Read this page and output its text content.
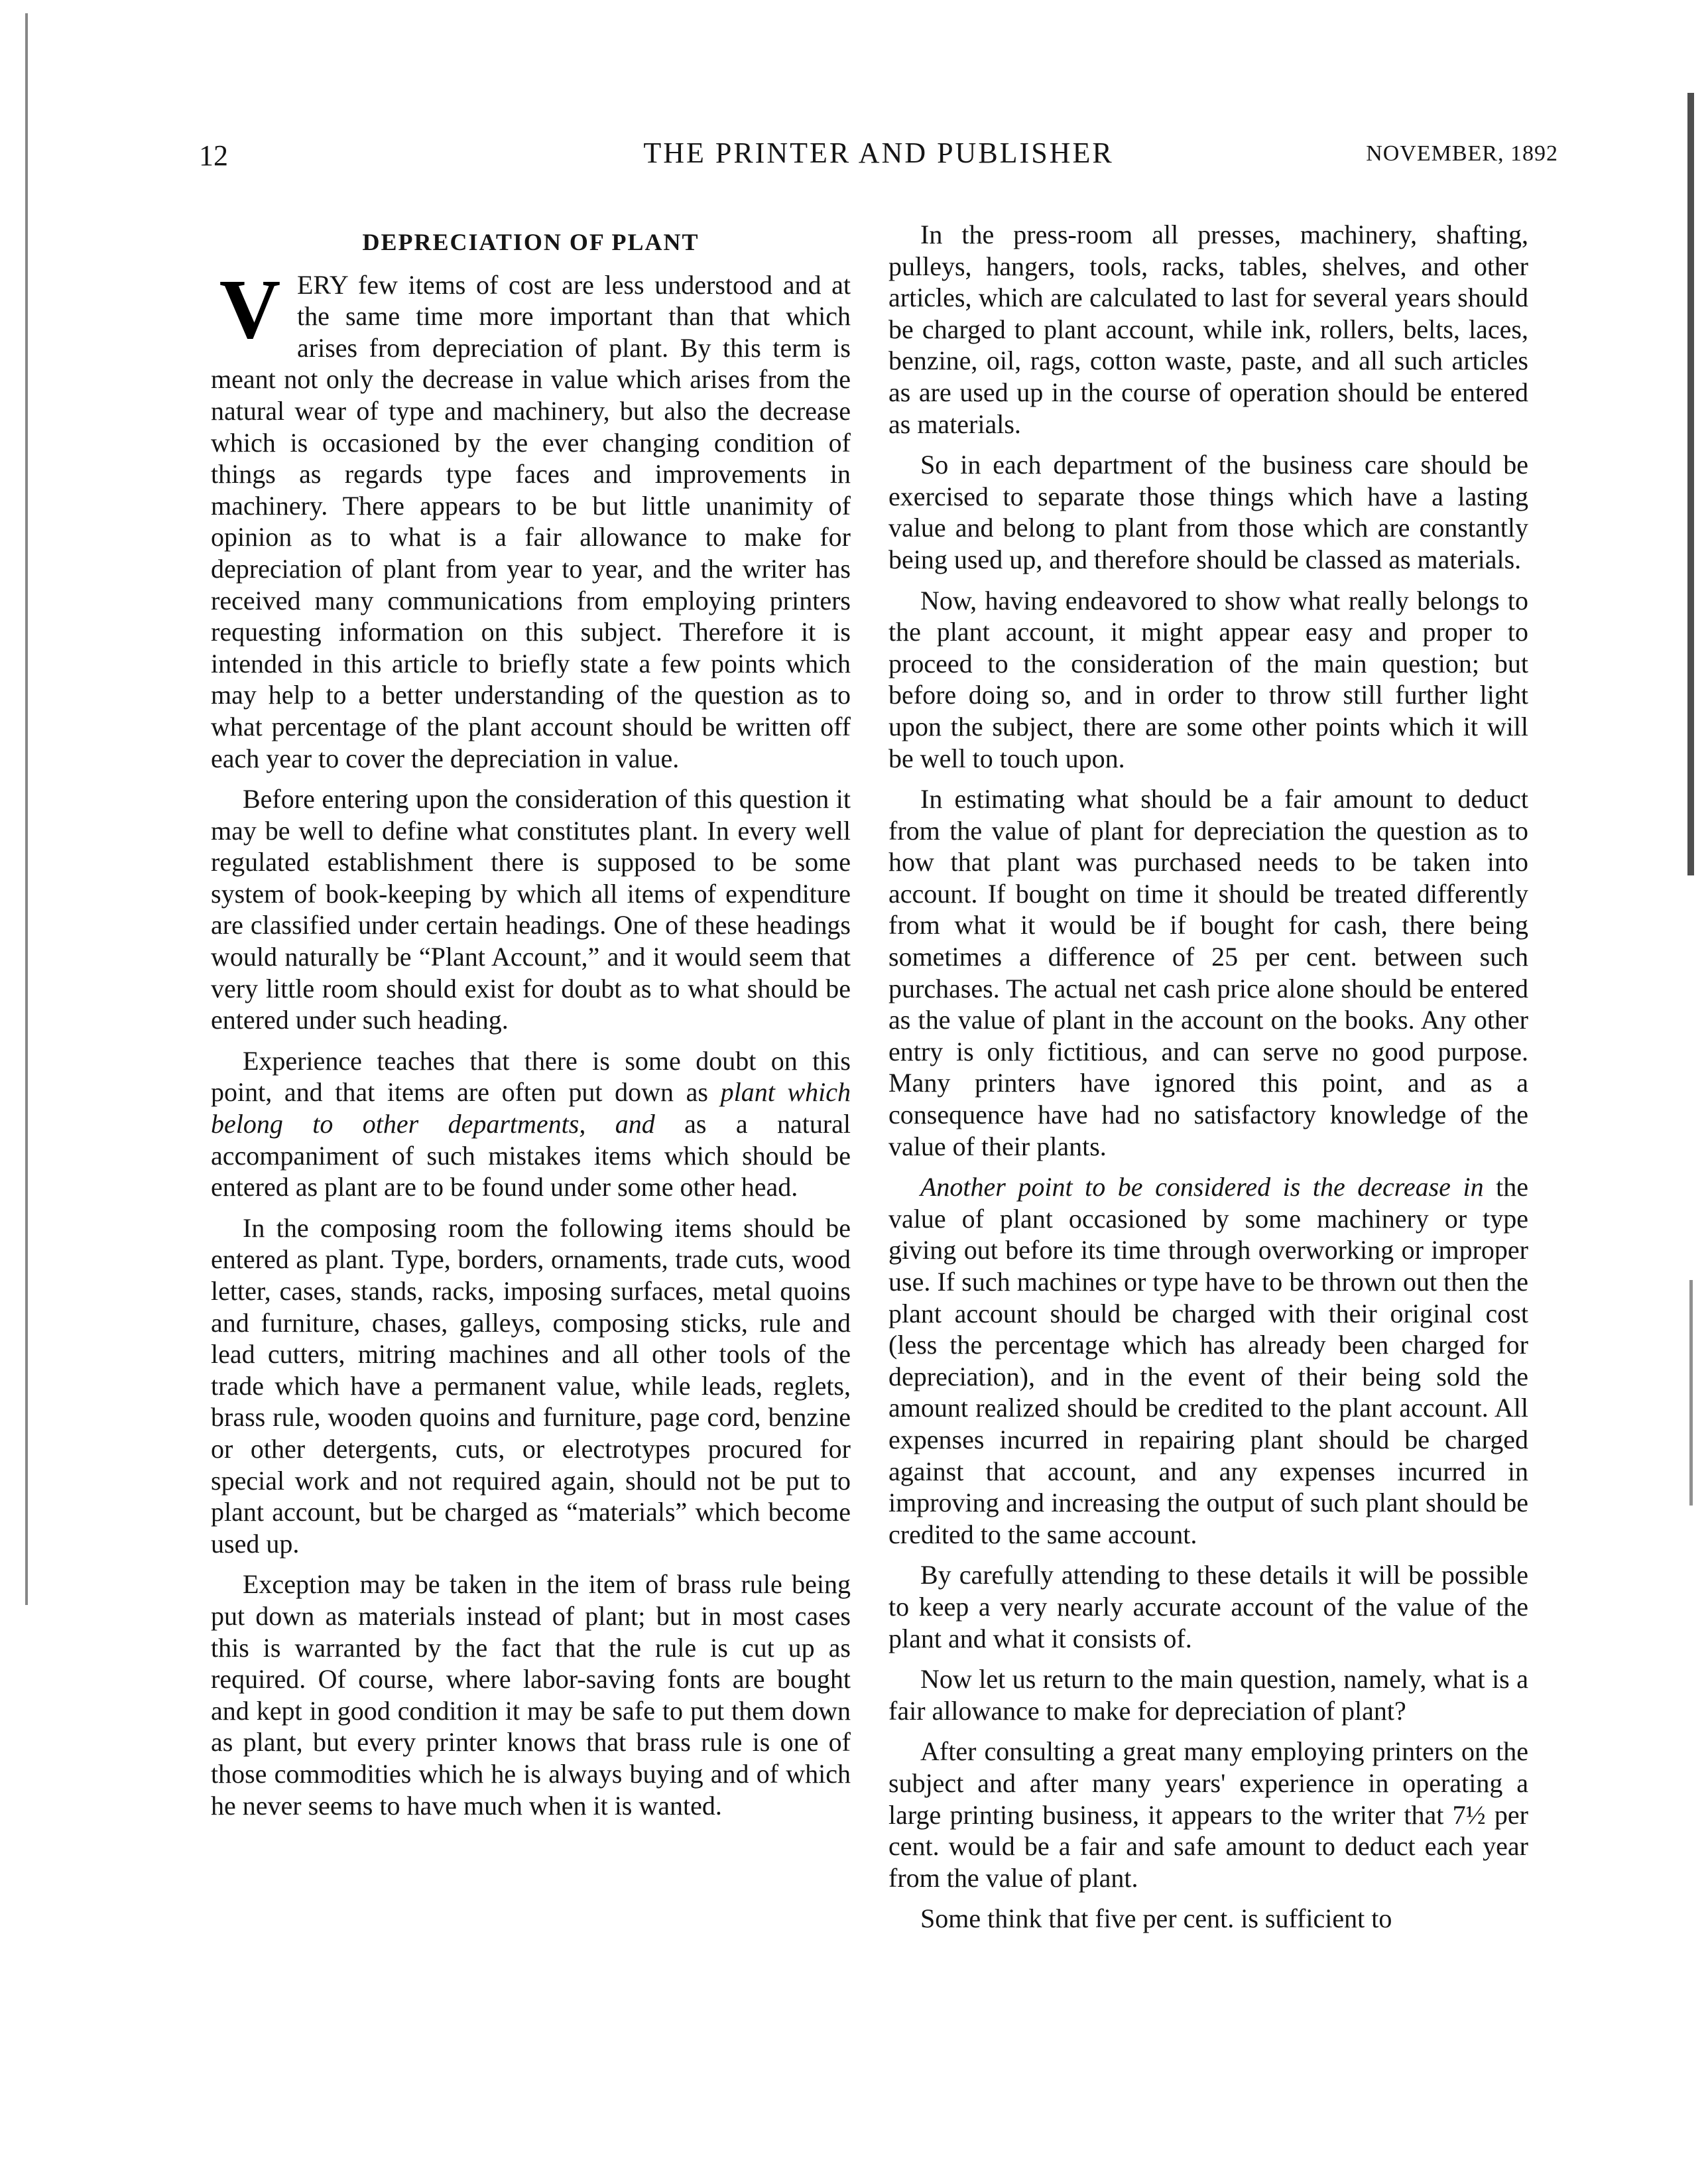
12	THE PRINTER AND PUBLISHER	NOVEMBER, 1892
DEPRECIATION OF PLANT

VERY few items of cost are less understood and at the same time more important than that which arises from depreciation of plant. By this term is meant not only the decrease in value which arises from the natural wear of type and machinery, but also the decrease which is occasioned by the ever changing condition of things as regards type faces and improvements in machinery. There appears to be but little unanimity of opinion as to what is a fair allowance to make for depreciation of plant from year to year, and the writer has received many communications from employing printers requesting information on this subject. Therefore it is intended in this article to briefly state a few points which may help to a better understanding of the question as to what percentage of the plant account should be written off each year to cover the depreciation in value.

Before entering upon the consideration of this question it may be well to define what constitutes plant. In every well regulated establishment there is supposed to be some system of book-keeping by which all items of expenditure are classified under certain headings. One of these headings would naturally be “Plant Account,” and it would seem that very little room should exist for doubt as to what should be entered under such heading.

Experience teaches that there is some doubt on this point, and that items are often put down as plant which belong to other departments, and as a natural accompaniment of such mistakes items which should be entered as plant are to be found under some other head.

In the composing room the following items should be entered as plant. Type, borders, ornaments, trade cuts, wood letter, cases, stands, racks, imposing surfaces, metal quoins and furniture, chases, galleys, composing sticks, rule and lead cutters, mitring machines and all other tools of the trade which have a permanent value, while leads, reglets, brass rule, wooden quoins and furniture, page cord, benzine or other detergents, cuts, or electrotypes procured for special work and not required again, should not be put to plant account, but be charged as “materials” which become used up.

Exception may be taken in the item of brass rule being put down as materials instead of plant; but in most cases this is warranted by the fact that the rule is cut up as required. Of course, where labor-saving fonts are bought and kept in good condition it may be safe to put them down as plant, but every printer knows that brass rule is one of those commodities which he is always buying and of which he never seems to have much when it is wanted.

In the press-room all presses, machinery, shafting, pulleys, hangers, tools, racks, tables, shelves, and other articles, which are calculated to last for several years should be charged to plant account, while ink, rollers, belts, laces, benzine, oil, rags, cotton waste, paste, and all such articles as are used up in the course of operation should be entered as materials.

So in each department of the business care should be exercised to separate those things which have a lasting value and belong to plant from those which are constantly being used up, and therefore should be classed as materials.

Now, having endeavored to show what really belongs to the plant account, it might appear easy and proper to proceed to the consideration of the main question; but before doing so, and in order to throw still further light upon the subject, there are some other points which it will be well to touch upon.

In estimating what should be a fair amount to deduct from the value of plant for depreciation the question as to how that plant was purchased needs to be taken into account. If bought on time it should be treated differently from what it would be if bought for cash, there being sometimes a difference of 25 per cent. between such purchases. The actual net cash price alone should be entered as the value of plant in the account on the books. Any other entry is only fictitious, and can serve no good purpose. Many printers have ignored this point, and as a consequence have had no satisfactory knowledge of the value of their plants.

Another point to be considered is the decrease in the value of plant occasioned by some machinery or type giving out before its time through overworking or improper use. If such machines or type have to be thrown out then the plant account should be charged with their original cost (less the percentage which has already been charged for depreciation), and in the event of their being sold the amount realized should be credited to the plant account. All expenses incurred in repairing plant should be charged against that account, and any expenses incurred in improving and increasing the output of such plant should be credited to the same account.

By carefully attending to these details it will be possible to keep a very nearly accurate account of the value of the plant and what it consists of.

Now let us return to the main question, namely, what is a fair allowance to make for depreciation of plant?

After consulting a great many employing printers on the subject and after many years' experience in operating a large printing business, it appears to the writer that 7½ per cent. would be a fair and safe amount to deduct each year from the value of plant.

Some think that five per cent. is sufficient to
